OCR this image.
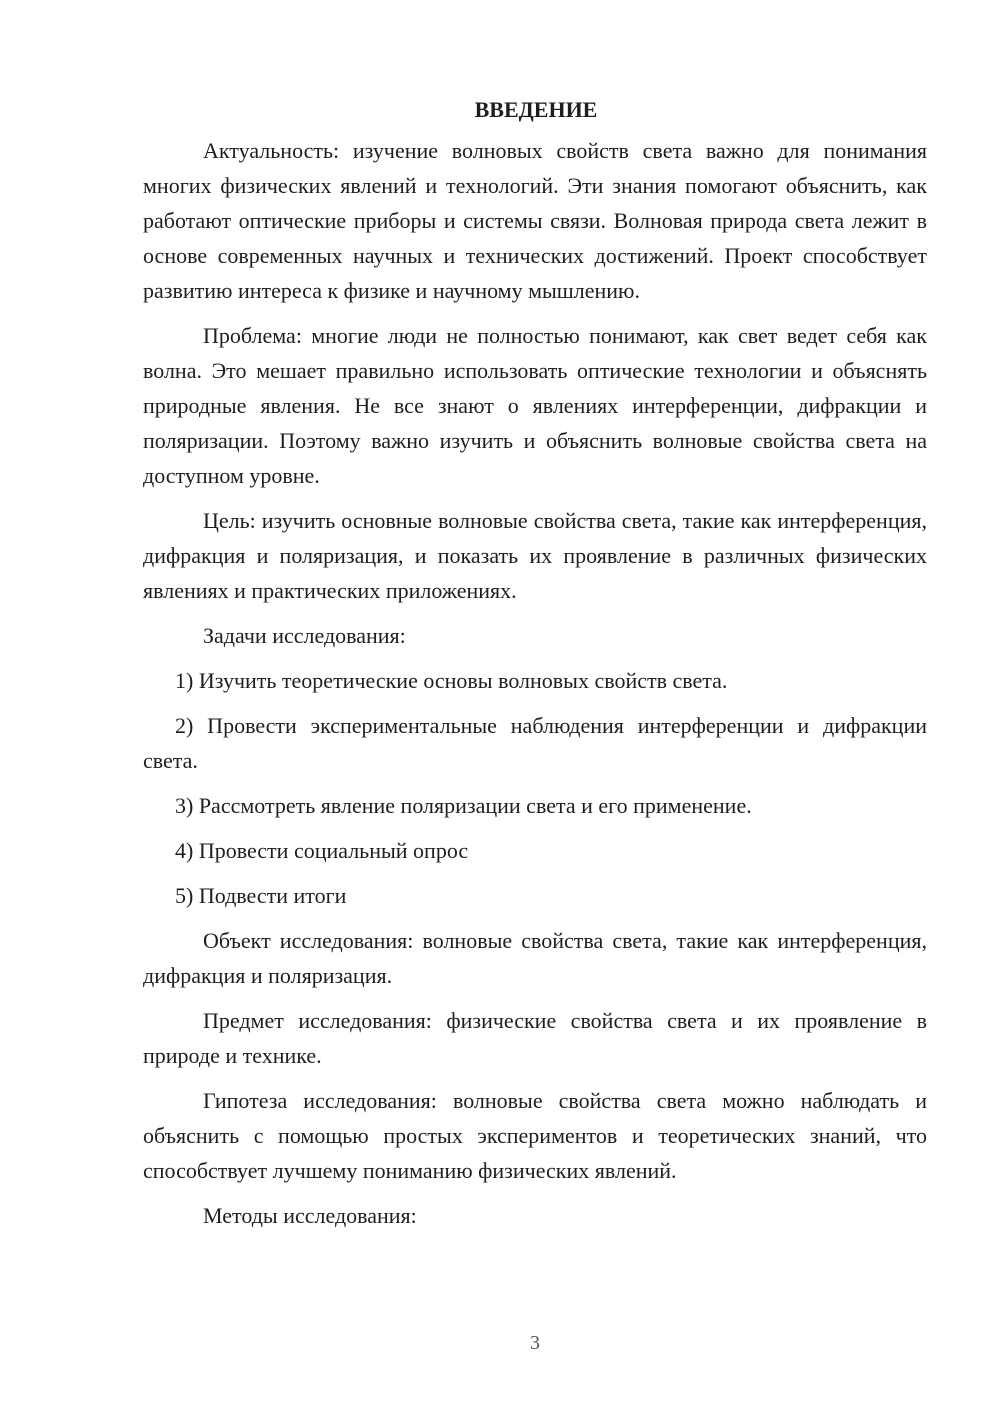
ВВЕДЕНИЕ

Актуальность: изучение волновых свойств света важно для понимания многих физических явлений и технологий. Эти знания помогают объяснить, как работают оптические приборы и системы связи. Волновая природа света лежит в основе современных научных и технических достижений. Проект способствует развитию интереса к физике и научному мышлению.

Проблема: многие люди не полностью понимают, как свет ведет себя как волна. Это мешает правильно использовать оптические технологии и объяснять природные явления. Не все знают о явлениях интерференции, дифракции и поляризации. Поэтому важно изучить и объяснить волновые свойства света на доступном уровне.

Цель: изучить основные волновые свойства света, такие как интерференция, дифракция и поляризация, и показать их проявление в различных физических явлениях и практических приложениях.

Задачи исследования:

1) Изучить теоретические основы волновых свойств света.

2) Провести экспериментальные наблюдения интерференции и дифракции света.

3) Рассмотреть явление поляризации света и его применение.

4) Провести социальный опрос

5) Подвести итоги

Объект исследования: волновые свойства света, такие как интерференция, дифракция и поляризация.

Предмет исследования: физические свойства света и их проявление в природе и технике.

Гипотеза исследования: волновые свойства света можно наблюдать и объяснить с помощью простых экспериментов и теоретических знаний, что способствует лучшему пониманию физических явлений.

Методы исследования:

3
